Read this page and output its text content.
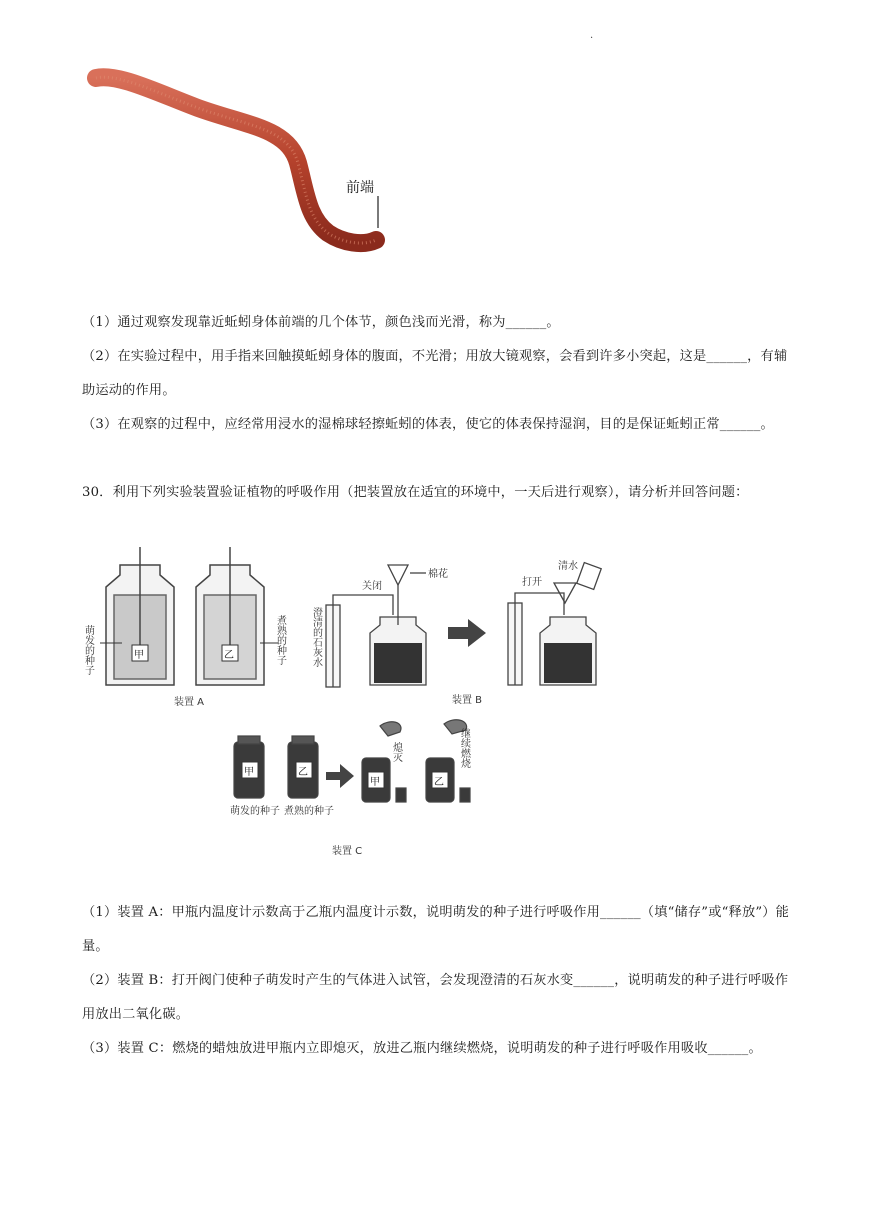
.
前端
（1）通过观察发现靠近蚯蚓身体前端的几个体节，颜色浅而光滑，称为______。
（2）在实验过程中，用手指来回触摸蚯蚓身体的腹面，不光滑；用放大镜观察，会看到许多小突起，这是______，有辅助运动的作用。
（3）在观察的过程中，应经常用浸水的湿棉球轻擦蚯蚓的体表，使它的体表保持湿润，目的是保证蚯蚓正常______。
30．利用下列实验装置验证植物的呼吸作用（把装置放在适宜的环境中，一天后进行观察），请分析并回答问题：
甲	乙
萌发的种子	煮熟的种子
装置 A
关闭
棉花
澄清的石灰水
打开
清水
装置 B
甲	乙
甲	乙
熄灭	继续燃烧
萌发的种子 煮熟的种子
装置 C
（1）装置 A：甲瓶内温度计示数高于乙瓶内温度计示数，说明萌发的种子进行呼吸作用______（填“储存”或“释放”）能量。
（2）装置 B：打开阀门使种子萌发时产生的气体进入试管，会发现澄清的石灰水变______，说明萌发的种子进行呼吸作用放出二氧化碳。
（3）装置 C：燃烧的蜡烛放进甲瓶内立即熄灭，放进乙瓶内继续燃烧，说明萌发的种子进行呼吸作用吸收______。
